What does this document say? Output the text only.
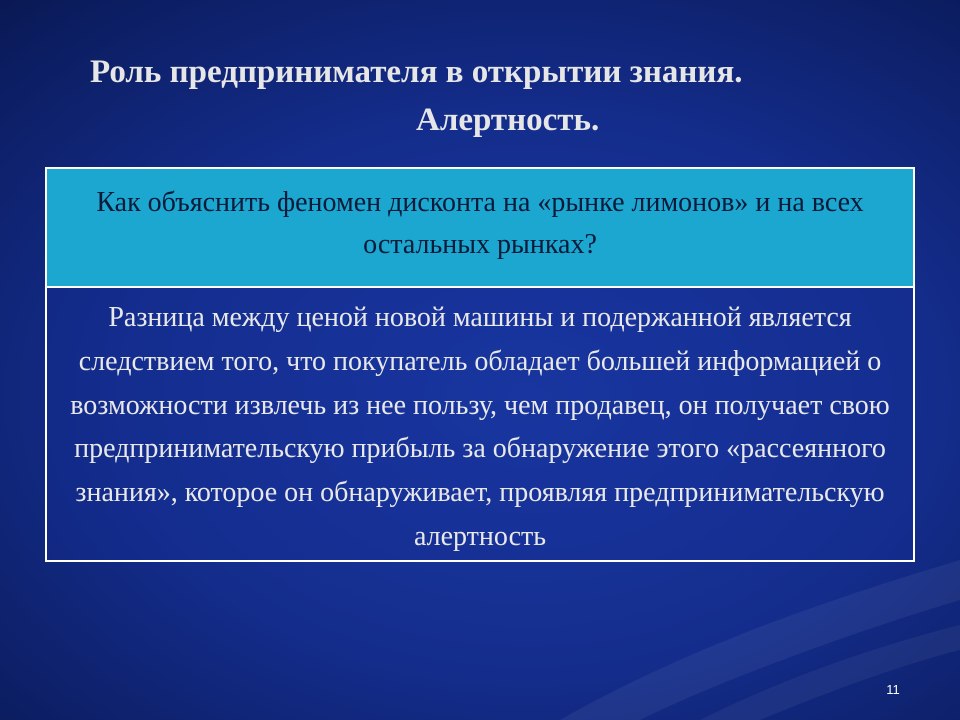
Роль предпринимателя в открытии знания.
Алертность.
Как объяснить феномен дисконта на «рынке лимонов» и на всех остальных рынках?
Разница между ценой новой машины и подержанной является следствием того, что покупатель обладает большей информацией о возможности извлечь из нее пользу, чем продавец, он получает свою предпринимательскую прибыль за обнаружение этого «рассеянного знания», которое он обнаруживает, проявляя предпринимательскую алертность
11
